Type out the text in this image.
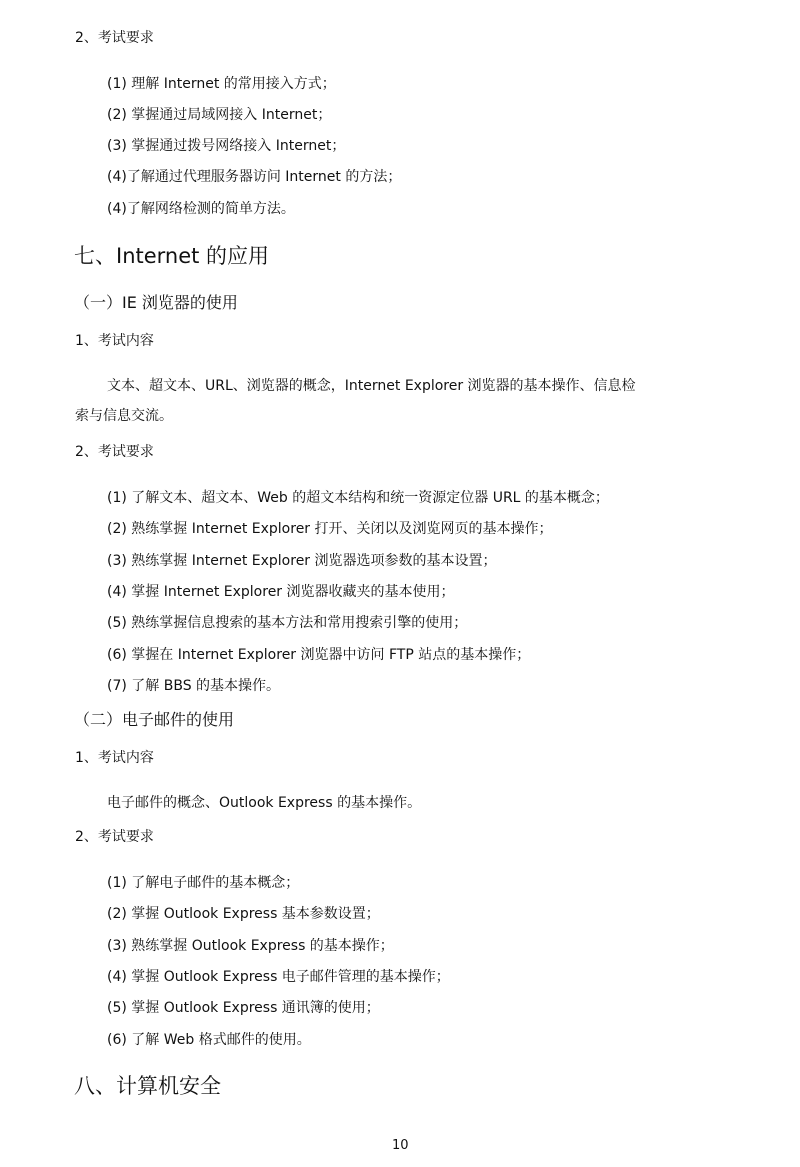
2、考试要求
(1) 理解 Internet 的常用接入方式；
(2) 掌握通过局域网接入 Internet；
(3) 掌握通过拨号网络接入 Internet；
(4)了解通过代理服务器访问 Internet 的方法；
(4)了解网络检测的简单方法。
七、Internet 的应用
（一）IE 浏览器的使用
1、考试内容
文本、超文本、URL、浏览器的概念，Internet Explorer 浏览器的基本操作、信息检
索与信息交流。
2、考试要求
(1) 了解文本、超文本、Web 的超文本结构和统一资源定位器 URL 的基本概念；
(2) 熟练掌握 Internet Explorer 打开、关闭以及浏览网页的基本操作；
(3) 熟练掌握 Internet Explorer 浏览器选项参数的基本设置；
(4) 掌握 Internet Explorer 浏览器收藏夹的基本使用；
(5) 熟练掌握信息搜索的基本方法和常用搜索引擎的使用；
(6) 掌握在 Internet Explorer 浏览器中访问 FTP 站点的基本操作；
(7) 了解 BBS 的基本操作。
（二）电子邮件的使用
1、考试内容
电子邮件的概念、Outlook Express 的基本操作。
2、考试要求
(1) 了解电子邮件的基本概念；
(2) 掌握 Outlook Express 基本参数设置；
(3) 熟练掌握 Outlook Express 的基本操作；
(4) 掌握 Outlook Express 电子邮件管理的基本操作；
(5) 掌握 Outlook Express 通讯簿的使用；
(6) 了解 Web 格式邮件的使用。
八、计算机安全
10
